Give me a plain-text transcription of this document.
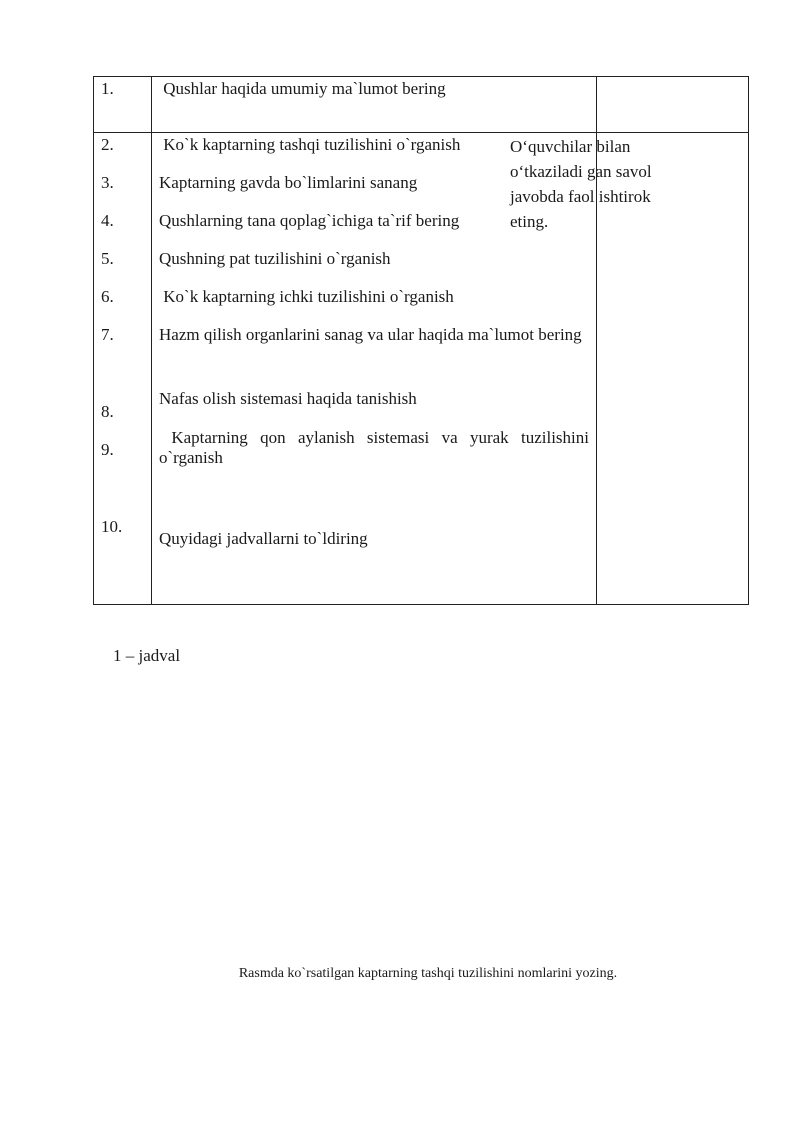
1.
2.
3.
4.
5.
6.
7.
8.
9.
10.
Qushlar haqida umumiy ma`lumot bering
Ko`k kaptarning tashqi tuzilishini o`rganish
Kaptarning gavda bo`limlarini sanang
Qushlarning tana qoplag`ichiga ta`rif bering
Qushning pat tuzilishini o`rganish
Ko`k kaptarning ichki tuzilishini o`rganish
Hazm qilish organlarini sanag va ular haqida ma`lumot bering
Nafas olish sistemasi haqida tanishish
Kaptarning qon aylanish sistemasi va yurak tuzilishini o`rganish
Quyidagi jadvallarni to`ldiring
O‘quvchilar bilan o‘tkaziladi gan savol javobda faol ishtirok eting.
1 – jadval
Rasmda ko`rsatilgan kaptarning tashqi tuzilishini nomlarini yozing.
